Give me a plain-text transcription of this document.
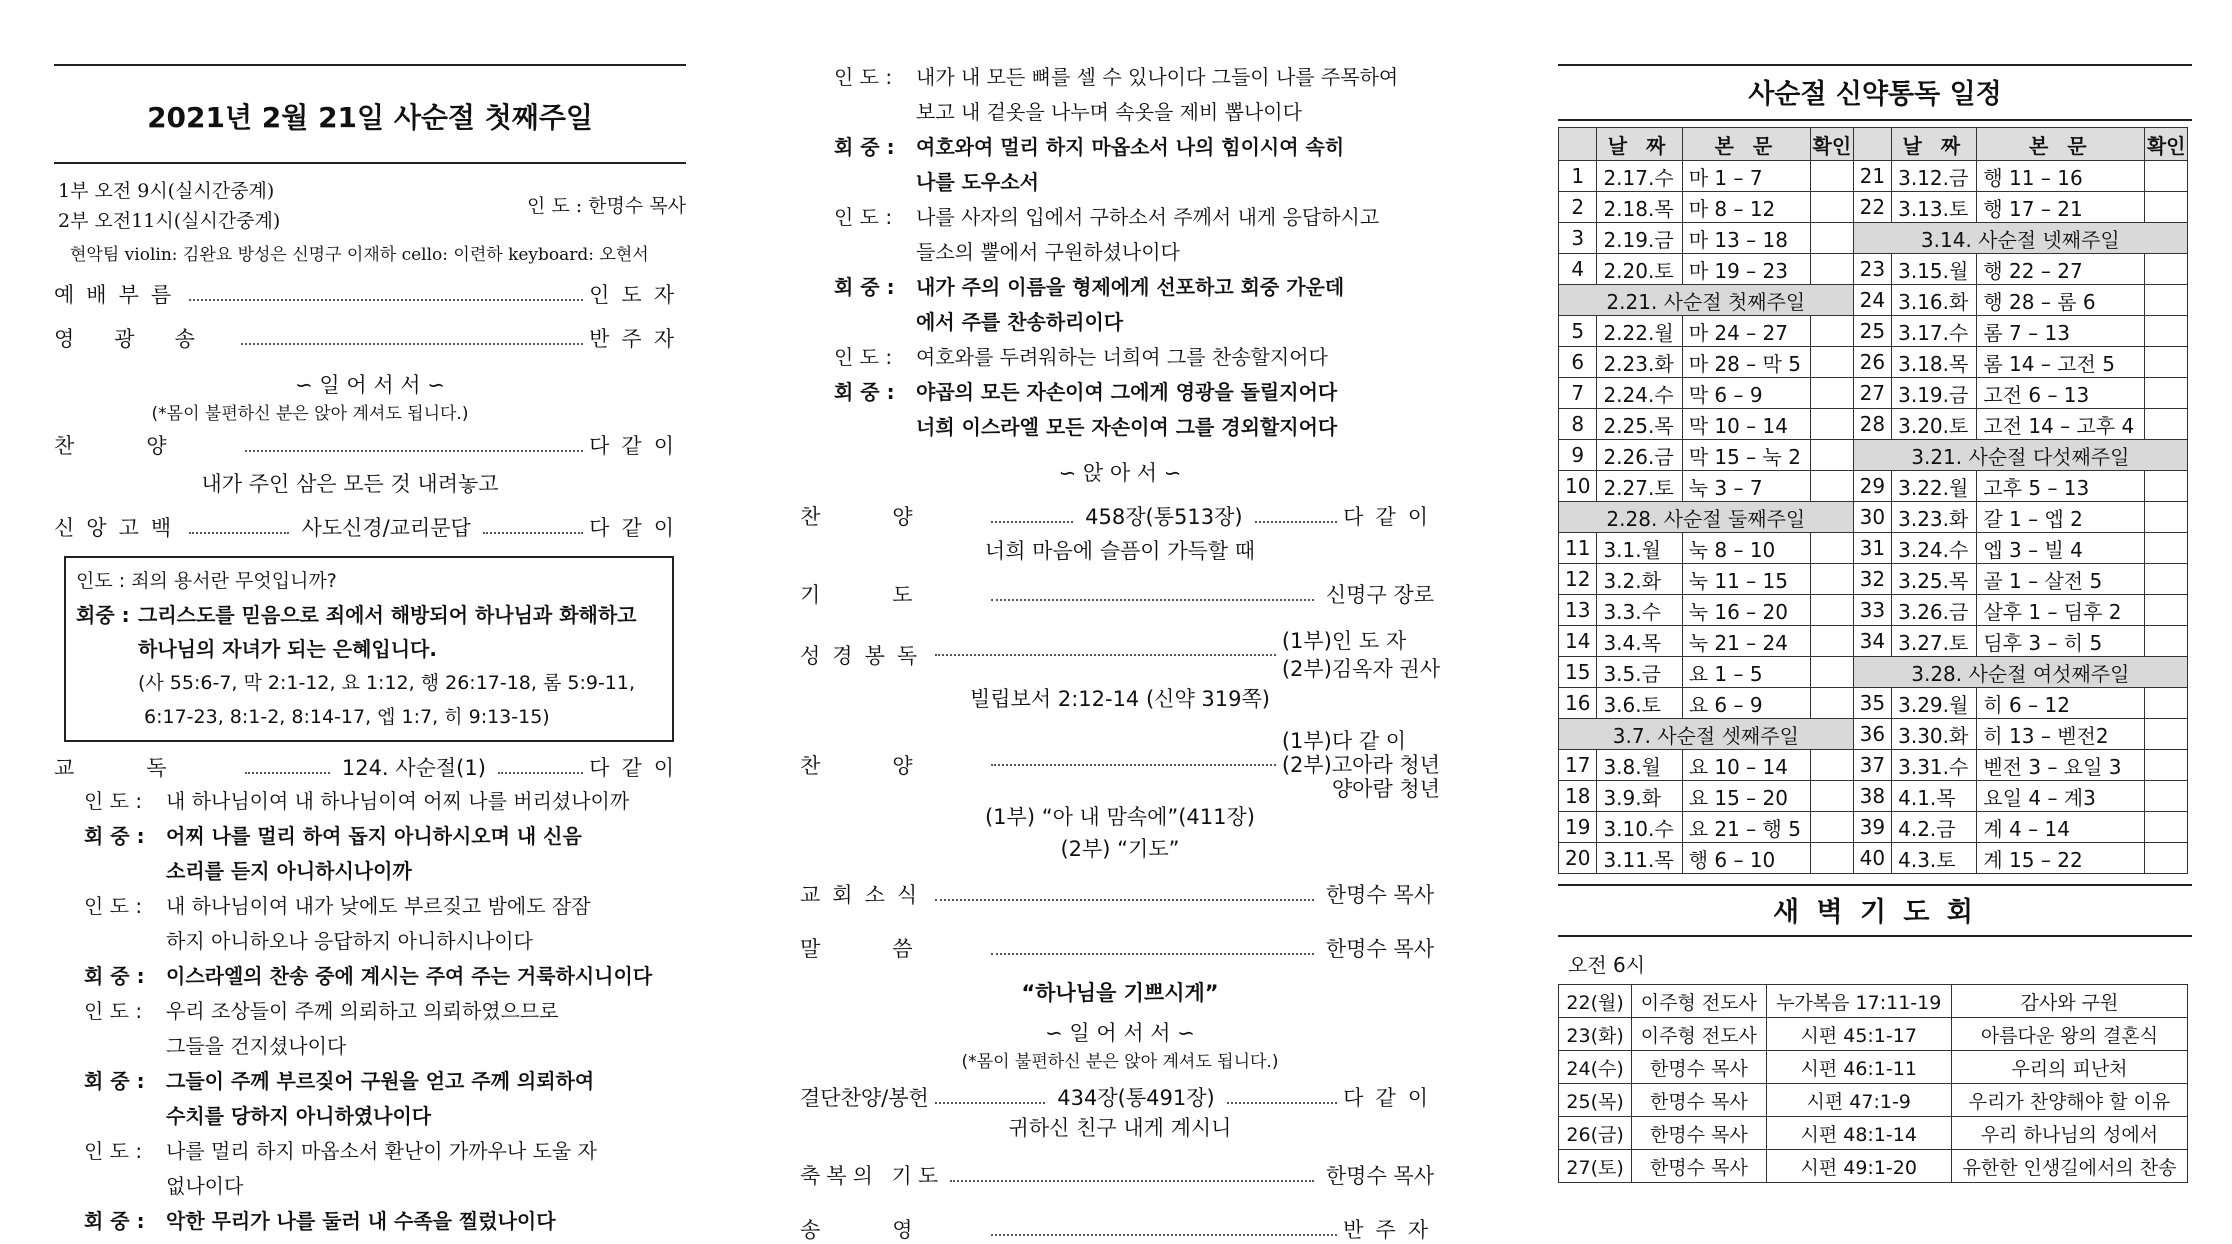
2021년 2월 21일 사순절 첫째주일
1부 오전 9시(실시간중계)
2부 오전11시(실시간중계)
인 도 : 한명수 목사
현악팀 violin: 김완요 방성은 신명구 이재하 cello: 이련하 keyboard: 오현서
예배부름	인도자
영광송	반주자
∽ 일 어 서 서 ∽
(*몸이 불편하신 분은 앉아 계셔도 됩니다.)
찬양	다같이
내가 주인 삼은 모든 것 내려놓고
신앙고백	사도신경/교리문답	다같이
인도 : 죄의 용서란 무엇입니까?
회중 : 그리스도를 믿음으로 죄에서 해방되어 하나님과 화해하고
하나님의 자녀가 되는 은혜입니다.
(사 55:6-7, 막 2:1-12, 요 1:12, 행 26:17-18, 롬 5:9-11,
6:17-23, 8:1-2, 8:14-17, 엡 1:7, 히 9:13-15)
교독	124. 사순절(1)	다같이
인 도 :	내 하나님이여 내 하나님이여 어찌 나를 버리셨나이까
회 중 :	어찌 나를 멀리 하여 돕지 아니하시오며 내 신음
소리를 듣지 아니하시나이까
인 도 :	내 하나님이여 내가 낮에도 부르짖고 밤에도 잠잠
하지 아니하오나 응답하지 아니하시나이다
회 중 :	이스라엘의 찬송 중에 계시는 주여 주는 거룩하시니이다
인 도 :	우리 조상들이 주께 의뢰하고 의뢰하였으므로
그들을 건지셨나이다
회 중 :	그들이 주께 부르짖어 구원을 얻고 주께 의뢰하여
수치를 당하지 아니하였나이다
인 도 :	나를 멀리 하지 마옵소서 환난이 가까우나 도울 자
없나이다
회 중 :	악한 무리가 나를 둘러 내 수족을 찔렀나이다
인 도 :	내가 내 모든 뼈를 셀 수 있나이다 그들이 나를 주목하여
보고 내 겉옷을 나누며 속옷을 제비 뽑나이다
회 중 :	여호와여 멀리 하지 마옵소서 나의 힘이시여 속히
나를 도우소서
인 도 :	나를 사자의 입에서 구하소서 주께서 내게 응답하시고
들소의 뿔에서 구원하셨나이다
회 중 :	내가 주의 이름을 형제에게 선포하고 회중 가운데
에서 주를 찬송하리이다
인 도 :	여호와를 두려워하는 너희여 그를 찬송할지어다
회 중 :	야곱의 모든 자손이여 그에게 영광을 돌릴지어다
너희 이스라엘 모든 자손이여 그를 경외할지어다
∽ 앉 아 서 ∽
찬양	458장(통513장)	다같이
너희 마음에 슬픔이 가득할 때
기도	신명구 장로
성경봉독
(1부)인 도 자
(2부)김옥자 권사
빌립보서 2:12-14 (신약 319쪽)
찬양
(1부)다 같 이
(2부) 고아라 청년
양아람 청년
(1부) “아 내 맘속에”(411장)
(2부) “기도”
교회소식	한명수 목사
말씀	한명수 목사
“하나님을 기쁘시게”
∽ 일 어 서 서 ∽
(*몸이 불편하신 분은 앉아 계셔도 됩니다.)
결단찬양/봉헌	434장(통491장)	다같이
귀하신 친구 내게 계시니
축복의 기도	한명수 목사
송영	반주자
사순절 신약통독 일정
	날 짜	본 문	확인		날 짜	본 문	확인
1	2.17.수	마 1 – 7		21	3.12.금	행 11 – 16	
2	2.18.목	마 8 – 12		22	3.13.토	행 17 – 21	
3	2.19.금	마 13 – 18		3.14. 사순절 넷째주일			
4	2.20.토	마 19 – 23		23	3.15.월	행 22 – 27	
2.21. 사순절 첫째주일				24	3.16.화	행 28 – 롬 6	
5	2.22.월	마 24 – 27		25	3.17.수	롬 7 – 13	
6	2.23.화	마 28 – 막 5		26	3.18.목	롬 14 – 고전 5	
7	2.24.수	막 6 – 9		27	3.19.금	고전 6 – 13	
8	2.25.목	막 10 – 14		28	3.20.토	고전 14 – 고후 4	
9	2.26.금	막 15 – 눅 2		3.21. 사순절 다섯째주일			
10	2.27.토	눅 3 – 7		29	3.22.월	고후 5 – 13	
2.28. 사순절 둘째주일				30	3.23.화	갈 1 – 엡 2	
11	3.1.월	눅 8 – 10		31	3.24.수	엡 3 – 빌 4	
12	3.2.화	눅 11 – 15		32	3.25.목	골 1 – 살전 5	
13	3.3.수	눅 16 – 20		33	3.26.금	살후 1 – 딤후 2	
14	3.4.목	눅 21 – 24		34	3.27.토	딤후 3 – 히 5	
15	3.5.금	요 1 – 5		3.28. 사순절 여섯째주일			
16	3.6.토	요 6 – 9		35	3.29.월	히 6 – 12	
3.7. 사순절 셋째주일				36	3.30.화	히 13 – 벧전2	
17	3.8.월	요 10 – 14		37	3.31.수	벧전 3 – 요일 3	
18	3.9.화	요 15 – 20		38	4.1.목	요일 4 – 계3	
19	3.10.수	요 21 – 행 5		39	4.2.금	계 4 – 14	
20	3.11.목	행 6 – 10		40	4.3.토	계 15 – 22	
새 벽 기 도 회
오전 6시
22(월)	이주형 전도사	누가복음 17:11-19	감사와 구원
23(화)	이주형 전도사	시편 45:1-17	아름다운 왕의 결혼식
24(수)	한명수 목사	시편 46:1-11	우리의 피난처
25(목)	한명수 목사	시편 47:1-9	우리가 찬양해야 할 이유
26(금)	한명수 목사	시편 48:1-14	우리 하나님의 성에서
27(토)	한명수 목사	시편 49:1-20	유한한 인생길에서의 찬송
